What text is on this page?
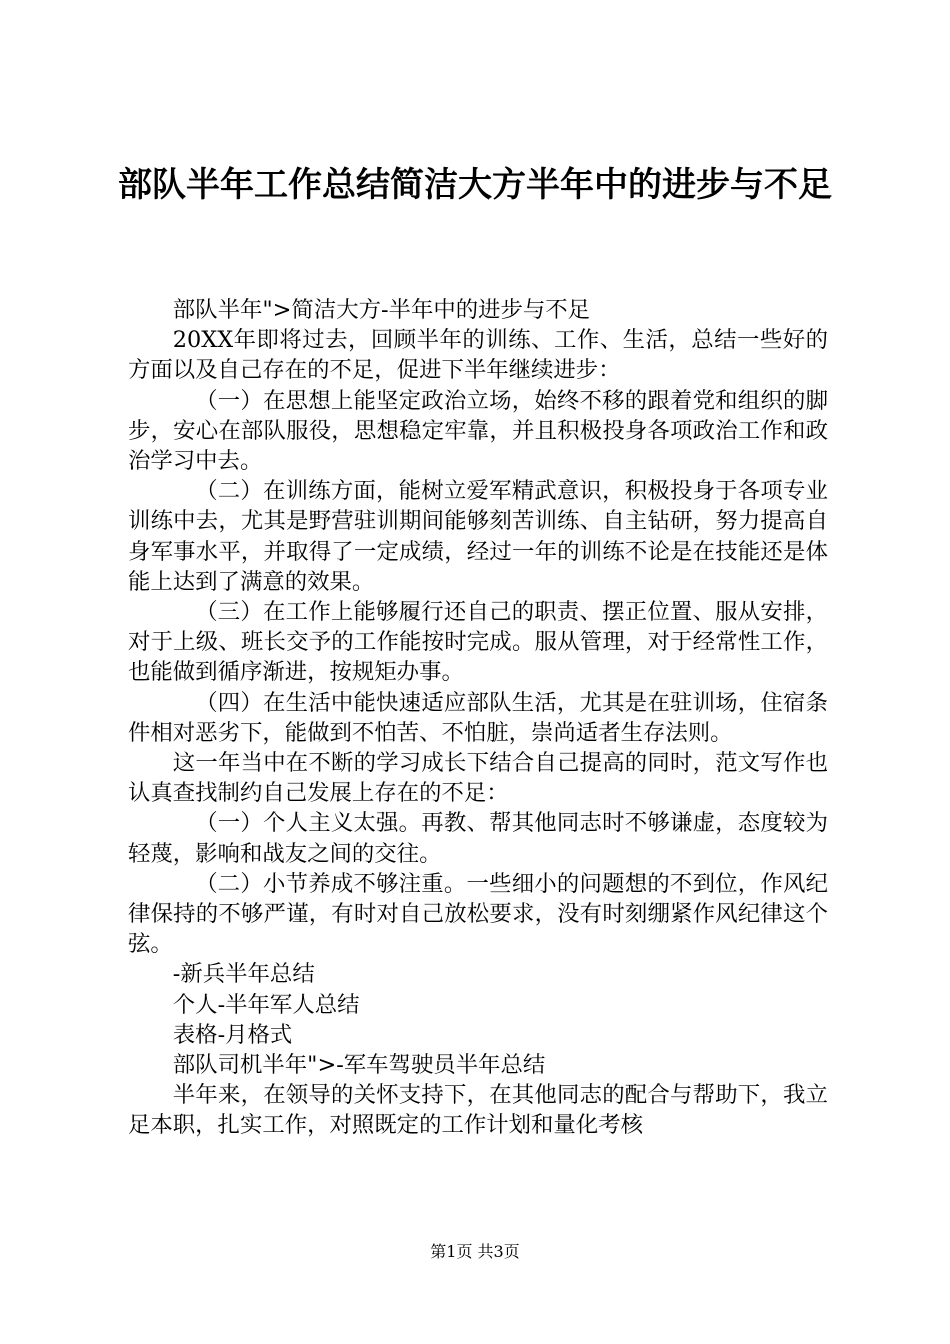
部队半年工作总结简洁大方半年中的进步与不足

部队半年">简洁大方-半年中的进步与不足

20XX年即将过去，回顾半年的训练、工作、生活，总结一些好的方面以及自己存在的不足，促进下半年继续进步：

（一）在思想上能坚定政治立场，始终不移的跟着党和组织的脚步，安心在部队服役，思想稳定牢靠，并且积极投身各项政治工作和政治学习中去。

（二）在训练方面，能树立爱军精武意识，积极投身于各项专业训练中去，尤其是野营驻训期间能够刻苦训练、自主钻研，努力提高自身军事水平，并取得了一定成绩，经过一年的训练不论是在技能还是体能上达到了满意的效果。

（三）在工作上能够履行还自己的职责、摆正位置、服从安排，对于上级、班长交予的工作能按时完成。服从管理，对于经常性工作，也能做到循序渐进，按规矩办事。

（四）在生活中能快速适应部队生活，尤其是在驻训场，住宿条件相对恶劣下，能做到不怕苦、不怕脏，崇尚适者生存法则。

这一年当中在不断的学习成长下结合自己提高的同时，范文写作也认真查找制约自己发展上存在的不足：

（一）个人主义太强。再教、帮其他同志时不够谦虚，态度较为轻蔑，影响和战友之间的交往。

（二）小节养成不够注重。一些细小的问题想的不到位，作风纪律保持的不够严谨，有时对自己放松要求，没有时刻绷紧作风纪律这个弦。

-新兵半年总结

个人-半年军人总结

表格-月格式

部队司机半年">-军车驾驶员半年总结

半年来，在领导的关怀支持下，在其他同志的配合与帮助下，我立足本职，扎实工作，对照既定的工作计划和量化考核

第1页 共3页
